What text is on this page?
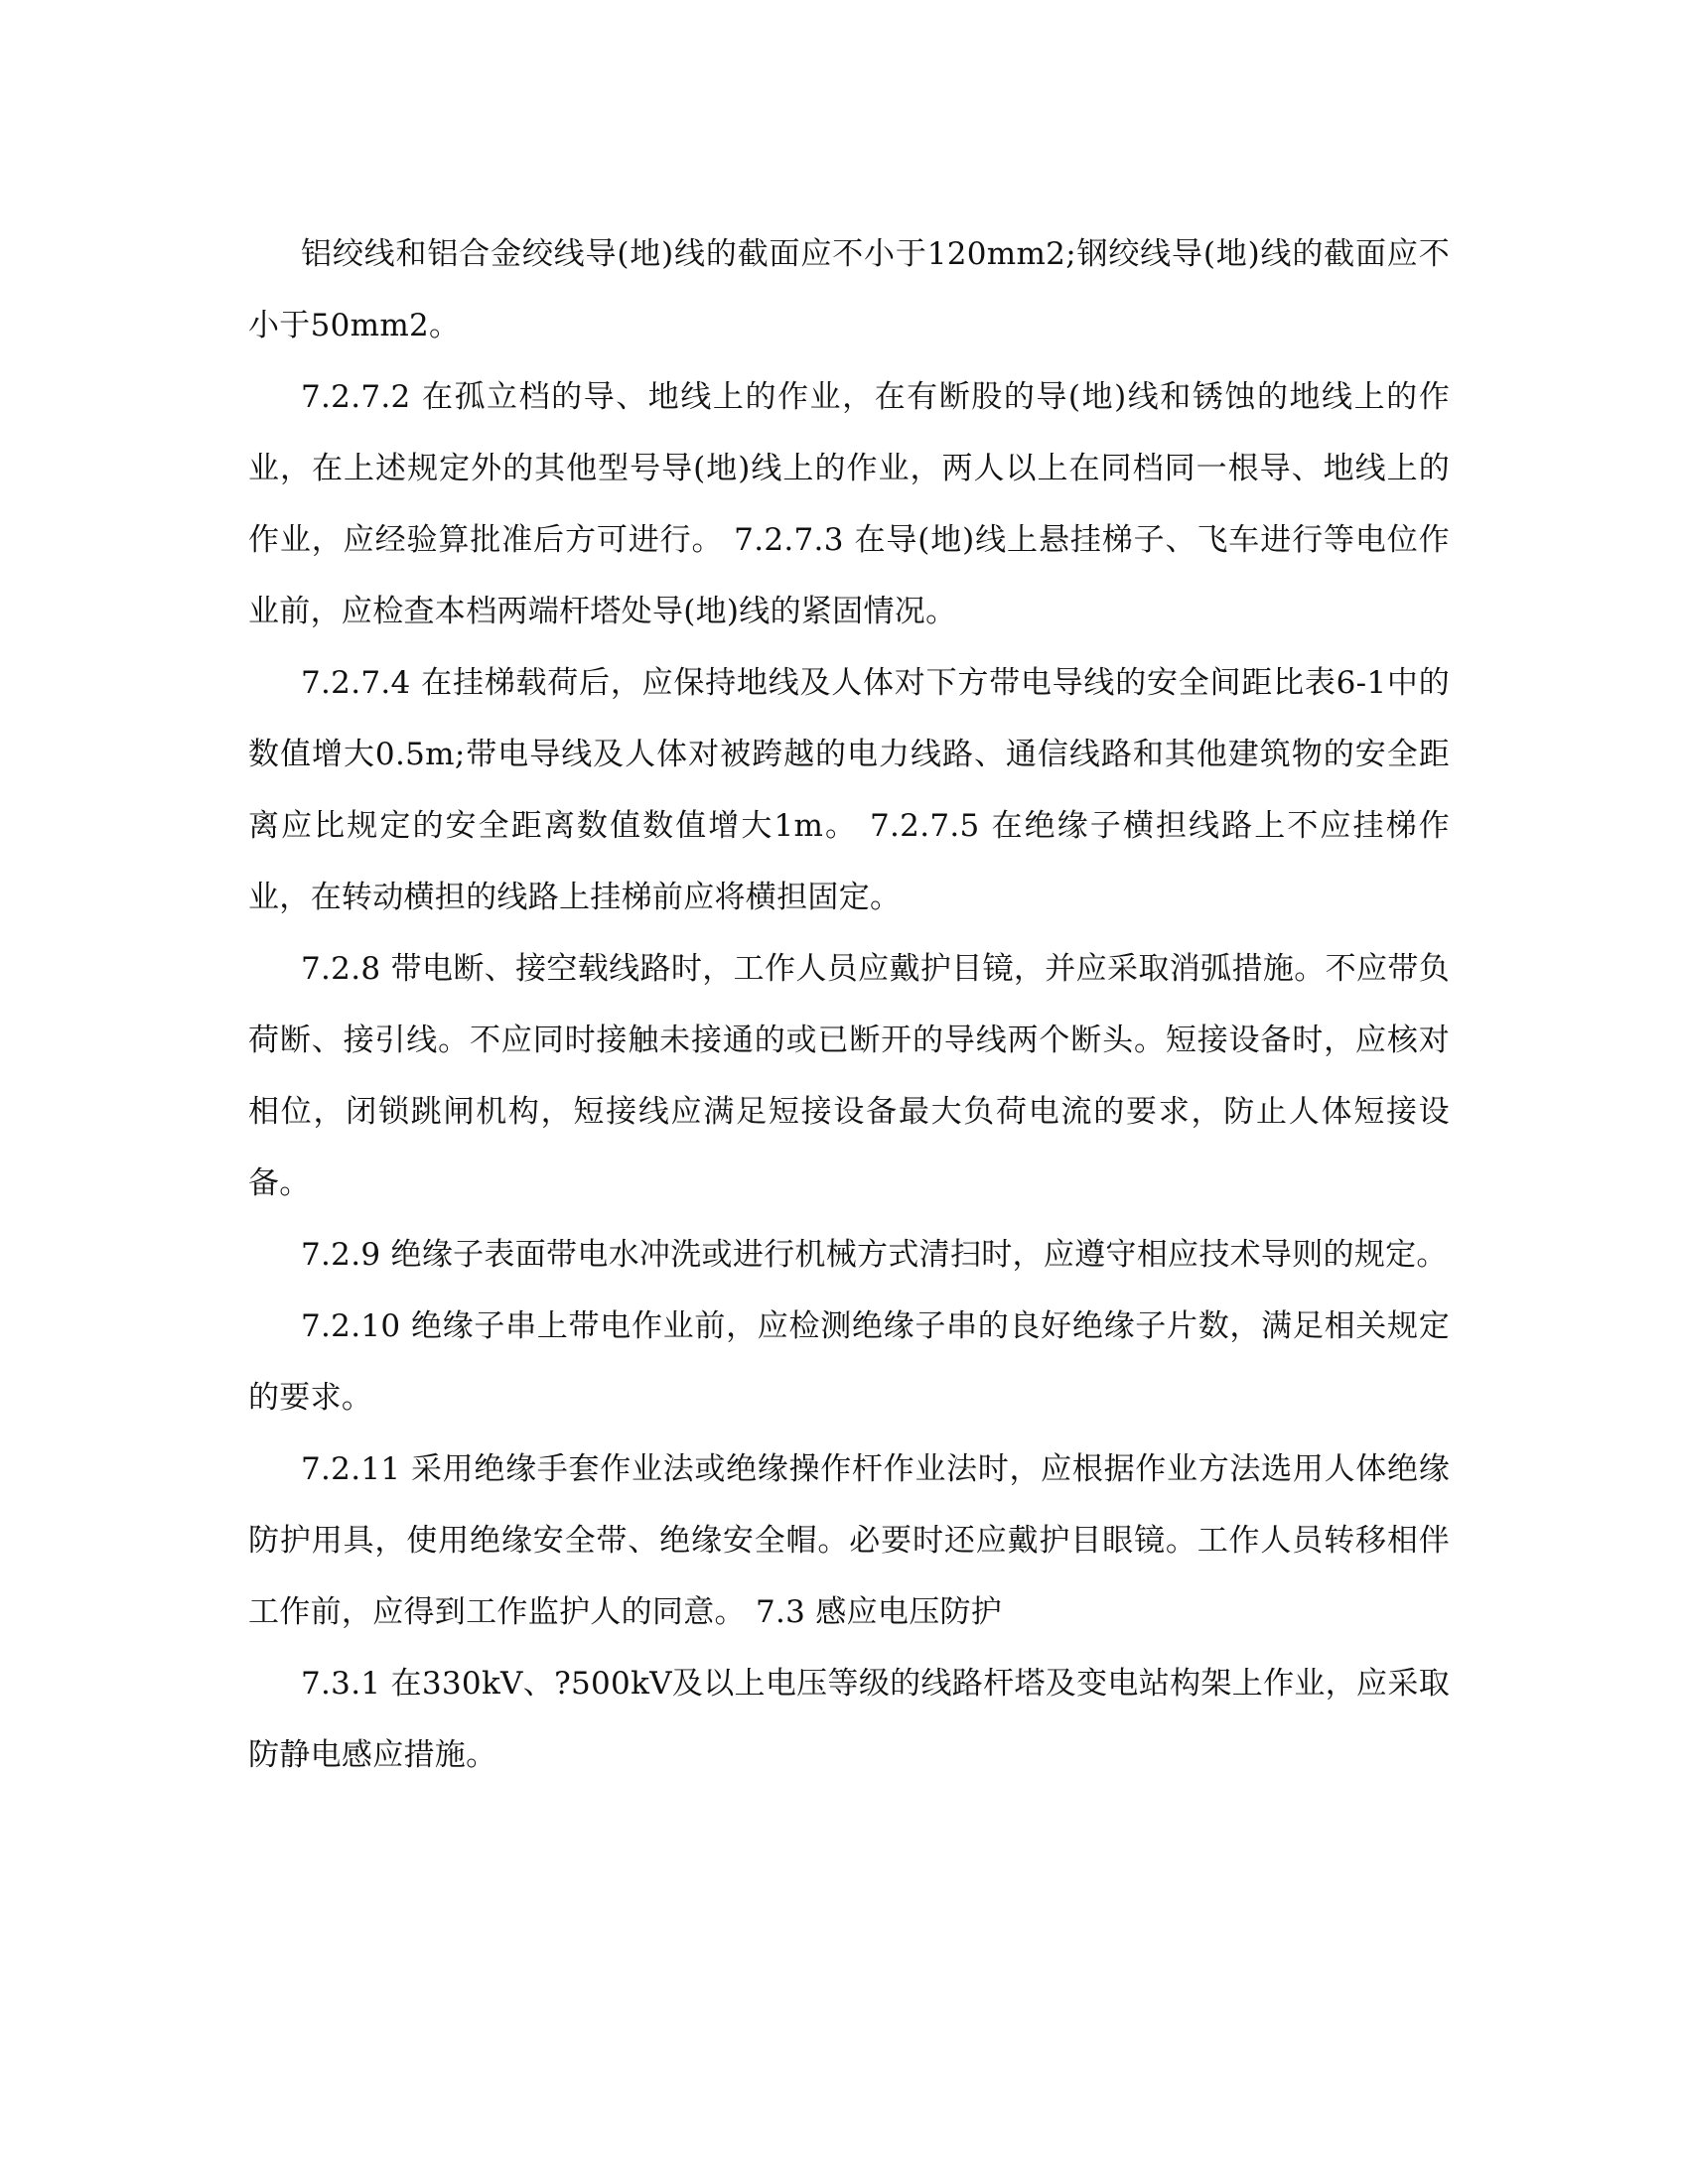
铝绞线和铝合金绞线导(地)线的截面应不小于120mm2;钢绞线导(地)线的截面应不小于50mm2。

7.2.7.2 在孤立档的导、地线上的作业，在有断股的导(地)线和锈蚀的地线上的作业，在上述规定外的其他型号导(地)线上的作业，两人以上在同档同一根导、地线上的作业，应经验算批准后方可进行。 7.2.7.3 在导(地)线上悬挂梯子、飞车进行等电位作业前，应检查本档两端杆塔处导(地)线的紧固情况。

7.2.7.4 在挂梯载荷后，应保持地线及人体对下方带电导线的安全间距比表6-1中的数值增大0.5m;带电导线及人体对被跨越的电力线路、通信线路和其他建筑物的安全距离应比规定的安全距离数值数值增大1m。 7.2.7.5 在绝缘子横担线路上不应挂梯作业，在转动横担的线路上挂梯前应将横担固定。

7.2.8 带电断、接空载线路时，工作人员应戴护目镜，并应采取消弧措施。不应带负荷断、接引线。不应同时接触未接通的或已断开的导线两个断头。短接设备时，应核对相位，闭锁跳闸机构，短接线应满足短接设备最大负荷电流的要求，防止人体短接设备。

7.2.9 绝缘子表面带电水冲洗或进行机械方式清扫时，应遵守相应技术导则的规定。

7.2.10 绝缘子串上带电作业前，应检测绝缘子串的良好绝缘子片数，满足相关规定的要求。

7.2.11 采用绝缘手套作业法或绝缘操作杆作业法时，应根据作业方法选用人体绝缘防护用具，使用绝缘安全带、绝缘安全帽。必要时还应戴护目眼镜。工作人员转移相伴工作前，应得到工作监护人的同意。 7.3 感应电压防护

7.3.1 在330kV、?500kV及以上电压等级的线路杆塔及变电站构架上作业，应采取防静电感应措施。
